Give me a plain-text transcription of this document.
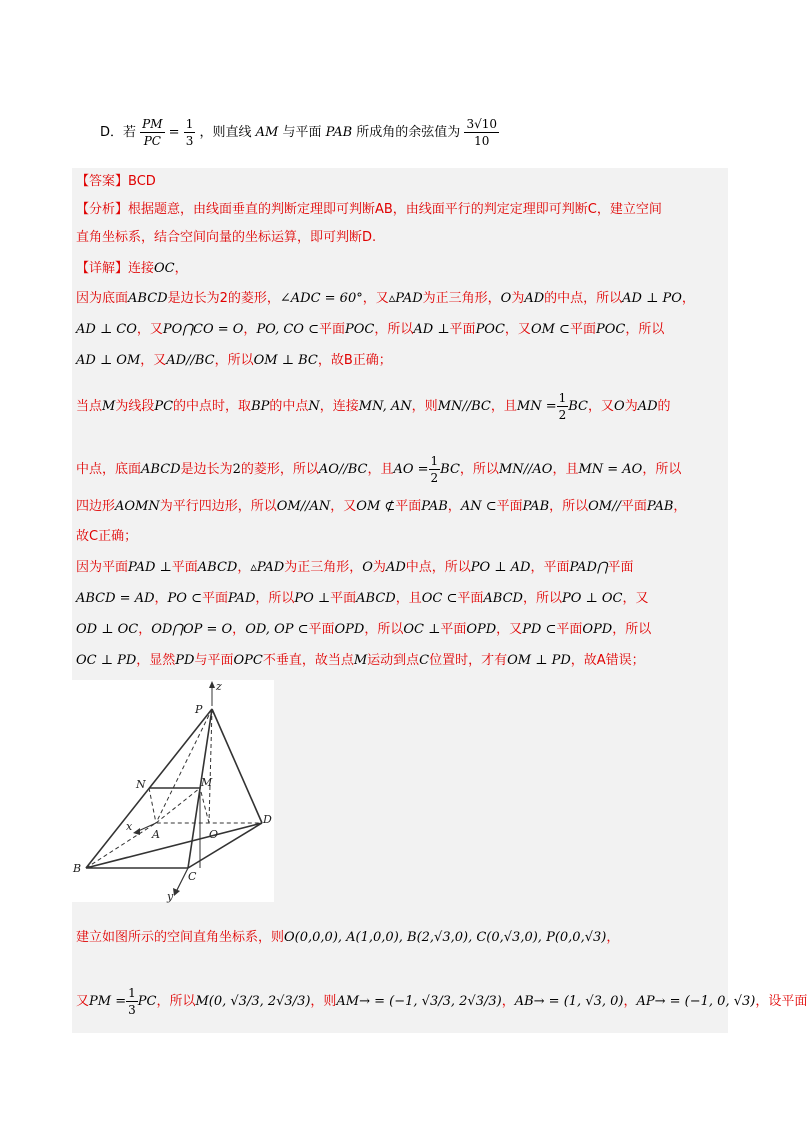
D．若 $\frac{PM}{PC} = \frac{1}{3}$ ，则直线 AM 与平面 PAB 所成角的余弦值为 $\frac{3√10}{10}$
【答案】BCD
【分析】根据题意，由线面垂直的判断定理即可判断AB，由线面平行的判定定理即可判断C，建立空间
直角坐标系，结合空间向量的坐标运算，即可判断D.
【详解】连接OC，
因为底面ABCD是边长为2的菱形，∠ADC = 60°，又▵PAD为正三角形，O为AD的中点，所以AD ⊥ PO，
AD ⊥ CO，又PO⋂CO = O，PO, CO ⊂平面POC，所以AD ⊥平面POC，又OM ⊂平面POC，所以
AD ⊥ OM，又AD//BC，所以OM ⊥ BC，故B正确；
当点M为线段PC的中点时，取BP的中点N，连接MN, AN，则MN//BC，且MN = $\frac{1}{2}$ BC，又O为AD的
中点，底面ABCD是边长为2的菱形，所以AO//BC，且AO = $\frac{1}{2}$ BC，所以MN//AO，且MN = AO，所以
四边形AOMN为平行四边形，所以OM//AN，又OM ⊄平面PAB，AN ⊂平面PAB，所以OM//平面PAB，
故C正确；
因为平面PAD ⊥平面ABCD，▵PAD为正三角形，O为AD中点，所以PO ⊥ AD，平面PAD⋂平面
ABCD = AD，PO ⊂平面PAD，所以PO ⊥平面ABCD，且OC ⊂平面ABCD，所以PO ⊥ OC，又
OD ⊥ OC，OD⋂OP = O，OD, OP ⊂平面OPD，所以OC ⊥平面OPD，又PD ⊂平面OPD，所以
OC ⊥ PD，显然PD与平面OPC不垂直，故当点M运动到点C位置时，才有OM ⊥ PD，故A错误；
z
P
N	M
x
A	O
D
B
C
y
建立如图所示的空间直角坐标系，则O(0,0,0), A(1,0,0), B(2,√3,0), C(0,√3,0), P(0,0,√3)，
又PM = $\frac{1}{3}$ PC，所以M(0, √3/3, 2√3/3)，则AM→ = (−1, √3/3, 2√3/3)，AB→ = (1, √3, 0)，AP→ = (−1, 0, √3)，设平面
